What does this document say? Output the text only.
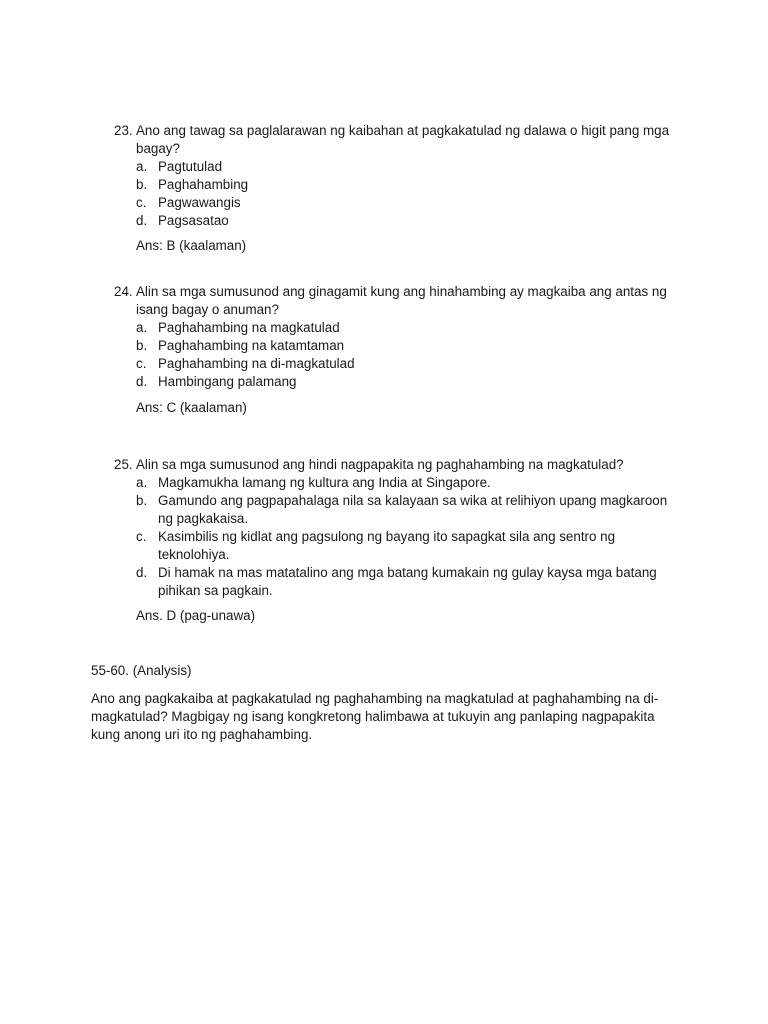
23. Ano ang tawag sa paglalarawan ng kaibahan at pagkakatulad ng dalawa o higit pang mga bagay?
a. Pagtutulad
b. Paghahambing
c. Pagwawangis
d. Pagsasatao
Ans: B (kaalaman)
24. Alin sa mga sumusunod ang ginagamit kung ang hinahambing ay magkaiba ang antas ng isang bagay o anuman?
a. Paghahambing na magkatulad
b. Paghahambing na katamtaman
c. Paghahambing na di-magkatulad
d. Hambingang palamang
Ans: C (kaalaman)
25. Alin sa mga sumusunod ang hindi nagpapakita ng paghahambing na magkatulad?
a. Magkamukha lamang ng kultura ang India at Singapore.
b. Gamundo ang pagpapahalaga nila sa kalayaan sa wika at relihiyon upang magkaroon ng pagkakaisa.
c. Kasimbilis ng kidlat ang pagsulong ng bayang ito sapagkat sila ang sentro ng teknolohiya.
d. Di hamak na mas matatalino ang mga batang kumakain ng gulay kaysa mga batang pihikan sa pagkain.
Ans. D (pag-unawa)
55-60. (Analysis)
Ano ang pagkakaiba at pagkakatulad ng paghahambing na magkatulad at paghahambing na di-magkatulad? Magbigay ng isang kongkretong halimbawa at tukuyin ang panlaping nagpapakita kung anong uri ito ng paghahambing.
